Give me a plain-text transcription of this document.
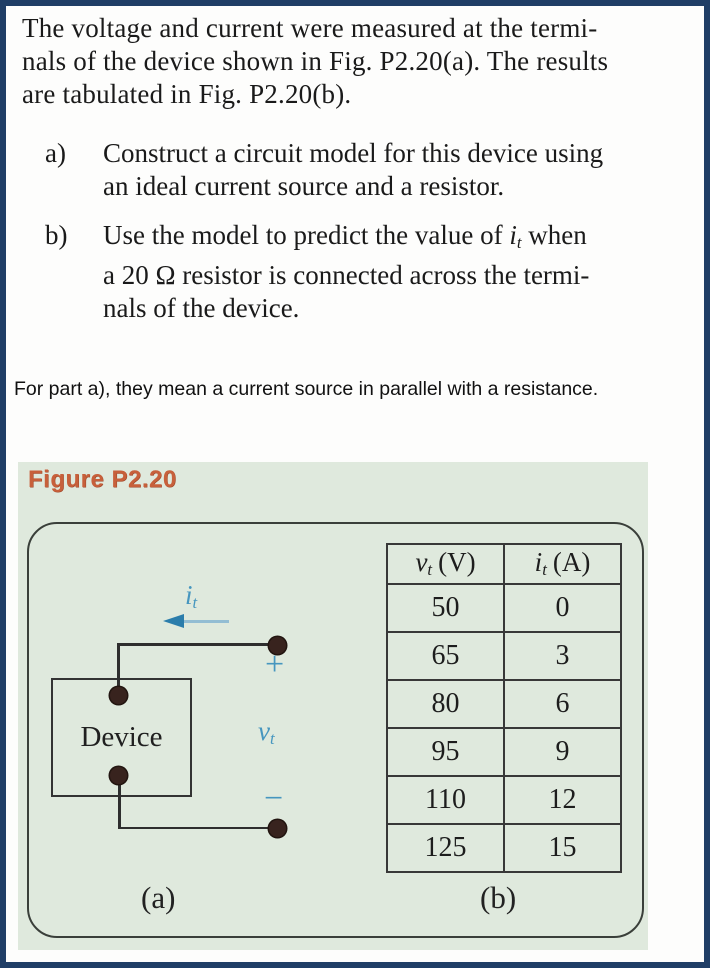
The voltage and current were measured at the termi-
nals of the device shown in Fig. P2.20(a). The results
are tabulated in Fig. P2.20(b).
a) Construct a circuit model for this device using
an ideal current source and a resistor.
b) Use the model to predict the value of it when
a 20 Ω resistor is connected across the termi-
nals of the device.
For part a), they mean a current source in parallel with a resistance.
Figure P2.20
Device
it
+
vt
−
(a)	(b)
vt (V)	it (A)
50	0
65	3
80	6
95	9
110	12
125	15
